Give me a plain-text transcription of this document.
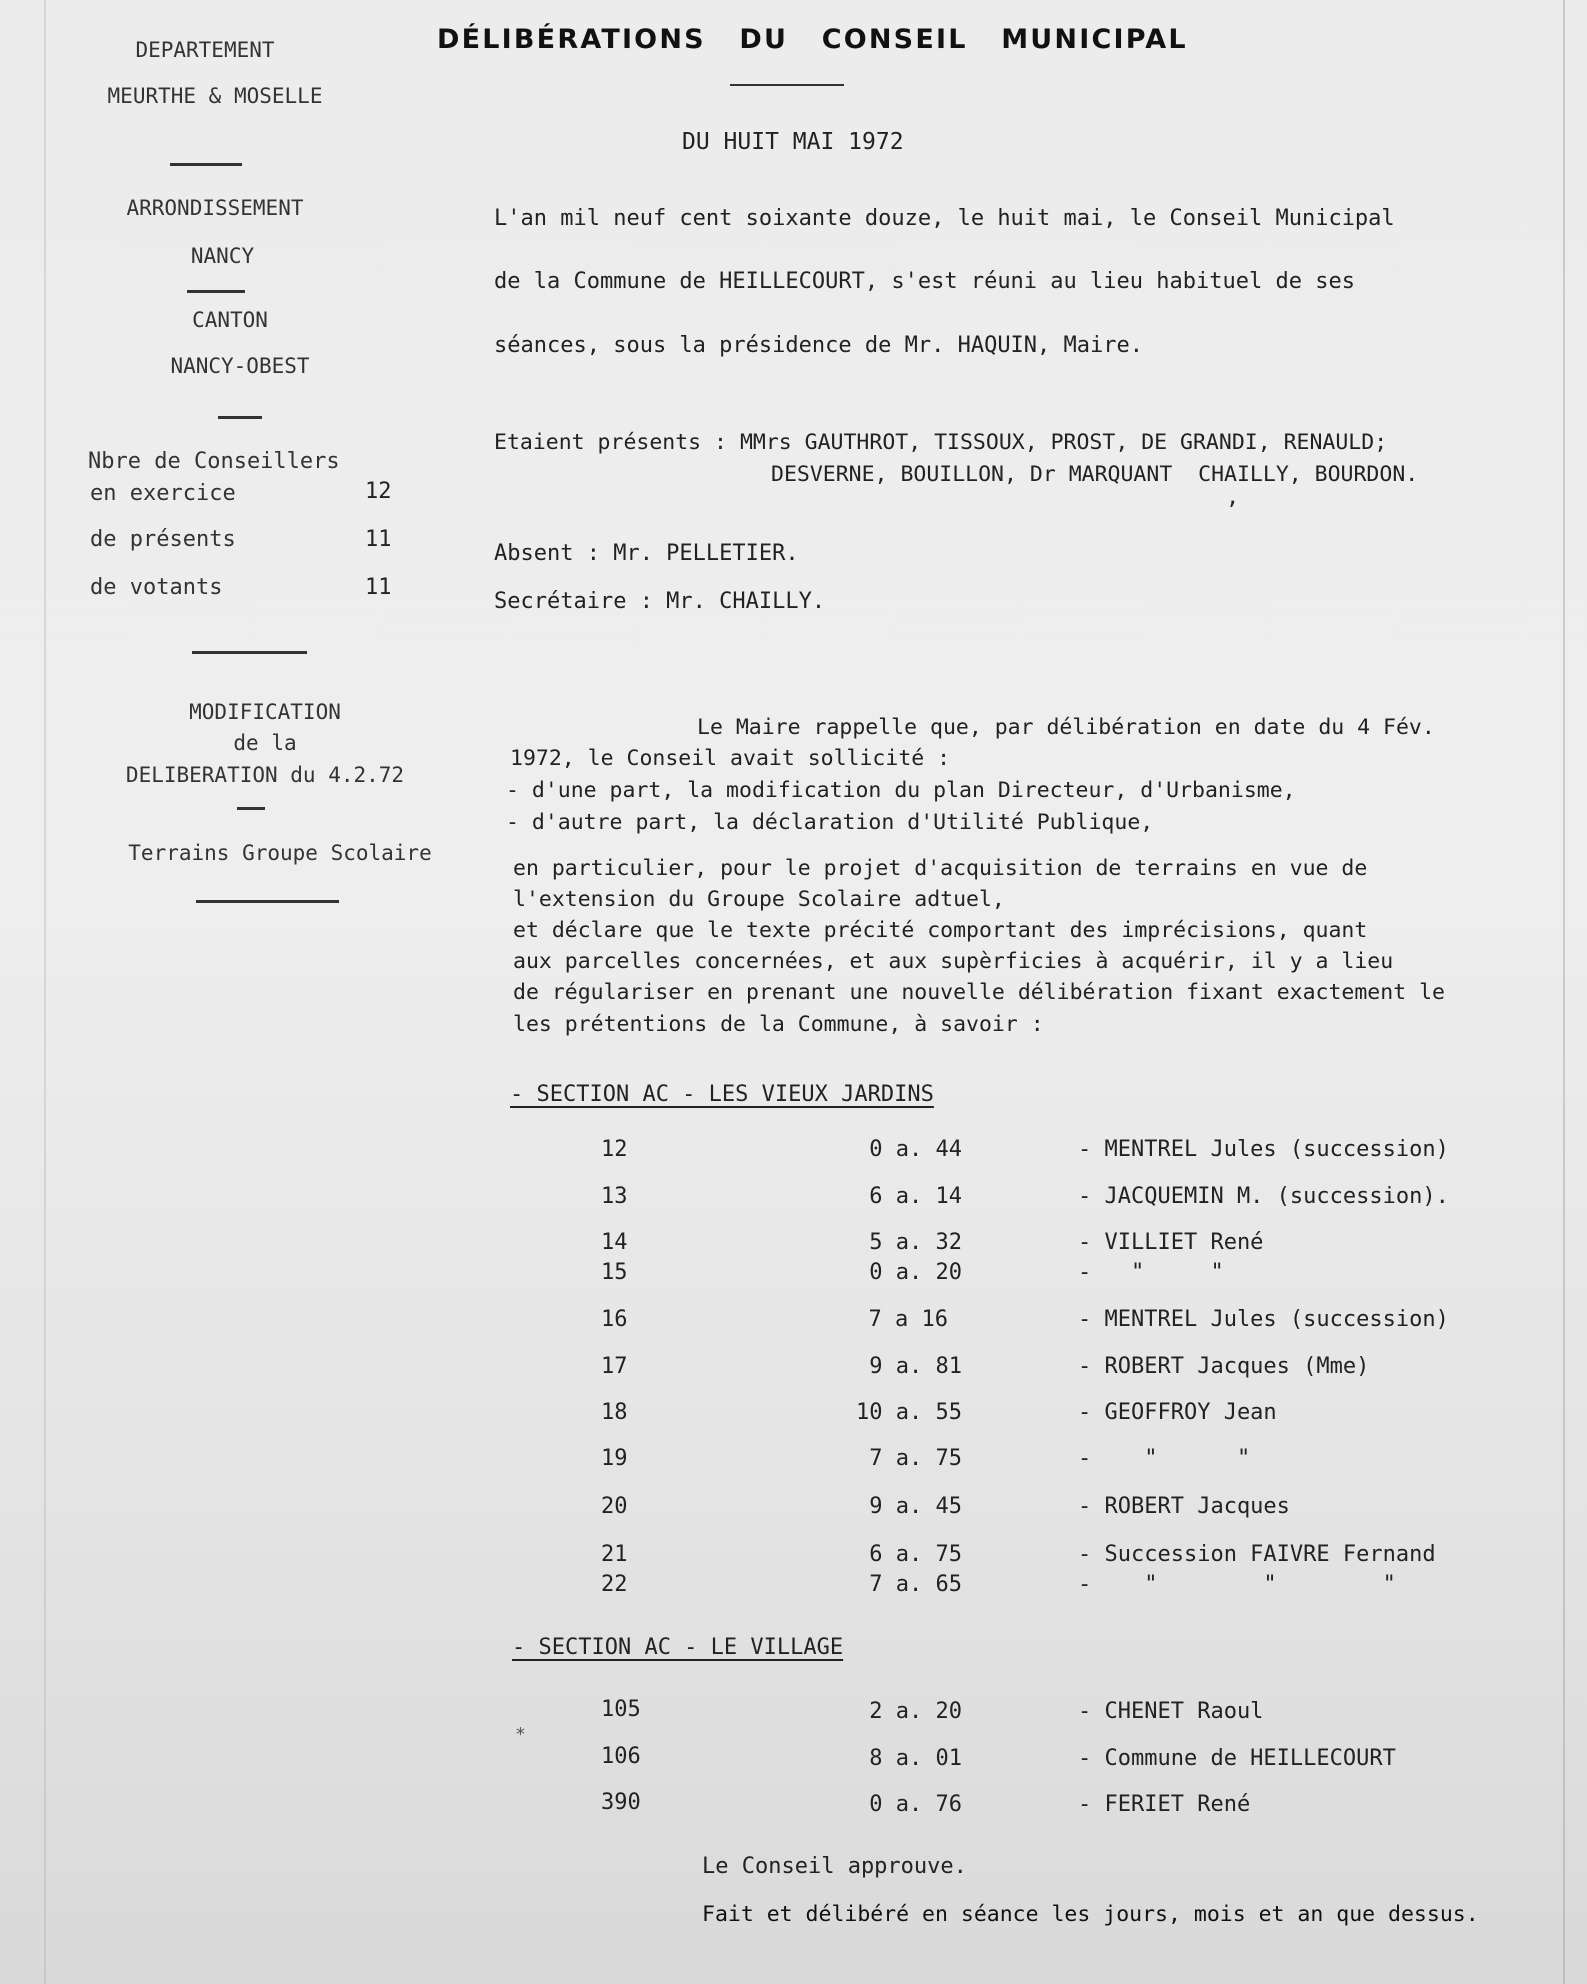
DEPARTEMENT
MEURTHE & MOSELLE
ARRONDISSEMENT
NANCY
CANTON
NANCY-OBEST
Nbre de Conseillers
en exercice	12
de présents	11
de votants	11
MODIFICATION
de la
DELIBERATION du 4.2.72
Terrains Groupe Scolaire
DÉLIBÉRATIONS DU CONSEIL MUNICIPAL
DU HUIT MAI 1972
L'an mil neuf cent soixante douze, le huit mai, le Conseil Municipal
de la Commune de HEILLECOURT, s'est réuni au lieu habituel de ses
séances, sous la présidence de Mr. HAQUIN, Maire.
Etaient présents : MMrs GAUTHROT, TISSOUX, PROST, DE GRANDI, RENAULD;
DESVERNE, BOUILLON, Dr MARQUANT  CHAILLY, BOURDON.
,
Absent : Mr. PELLETIER.
Secrétaire : Mr. CHAILLY.
Le Maire rappelle que, par délibération en date du 4 Fév.
1972, le Conseil avait sollicité :
- d'une part, la modification du plan Directeur, d'Urbanisme,
- d'autre part, la déclaration d'Utilité Publique,
en particulier, pour le projet d'acquisition de terrains en vue de
l'extension du Groupe Scolaire adtuel,
et déclare que le texte précité comportant des imprécisions, quant
aux parcelles concernées, et aux supèrficies à acquérir, il y a lieu
de régulariser en prenant une nouvelle délibération fixant exactement le
les prétentions de la Commune, à savoir :
- SECTION AC - LES VIEUX JARDINS
12	0 a. 44	- MENTREL Jules (succession)
13	6 a. 14	- JACQUEMIN M. (succession).
14	5 a. 32	- VILLIET René
15	0 a. 20	-   "     "
16	7 a 16	- MENTREL Jules (succession)
17	9 a. 81	- ROBERT Jacques (Mme)
18	10 a. 55	- GEOFFROY Jean
19	7 a. 75	-    "      "
20	9 a. 45	- ROBERT Jacques
21	6 a. 75	- Succession FAIVRE Fernand
22	7 a. 65	-    "        "        "
- SECTION AC - LE VILLAGE
*
105	2 a. 20	- CHENET Raoul
106	8 a. 01	- Commune de HEILLECOURT
390	0 a. 76	- FERIET René
Le Conseil approuve.
Fait et délibéré en séance les jours, mois et an que dessus.
